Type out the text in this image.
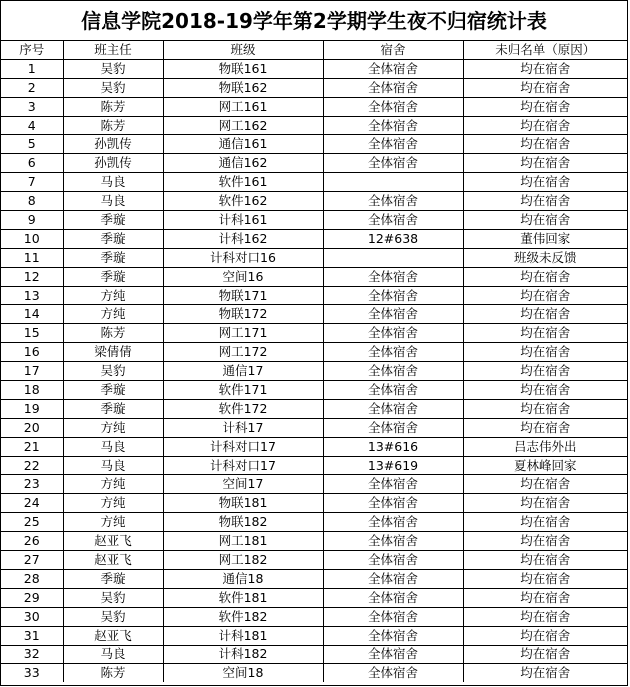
信息学院2018-19学年第2学期学生夜不归宿统计表
序号	班主任	班级	宿舍	未归名单（原因）
1	吴豹	物联161	全体宿舍	均在宿舍
2	吴豹	物联162	全体宿舍	均在宿舍
3	陈芳	网工161	全体宿舍	均在宿舍
4	陈芳	网工162	全体宿舍	均在宿舍
5	孙凯传	通信161	全体宿舍	均在宿舍
6	孙凯传	通信162	全体宿舍	均在宿舍
7	马良	软件161		均在宿舍
8	马良	软件162	全体宿舍	均在宿舍
9	季璇	计科161	全体宿舍	均在宿舍
10	季璇	计科162	12#638	董伟回家
11	季璇	计科对口16		班级未反馈
12	季璇	空间16	全体宿舍	均在宿舍
13	方纯	物联171	全体宿舍	均在宿舍
14	方纯	物联172	全体宿舍	均在宿舍
15	陈芳	网工171	全体宿舍	均在宿舍
16	梁倩倩	网工172	全体宿舍	均在宿舍
17	吴豹	通信17	全体宿舍	均在宿舍
18	季璇	软件171	全体宿舍	均在宿舍
19	季璇	软件172	全体宿舍	均在宿舍
20	方纯	计科17	全体宿舍	均在宿舍
21	马良	计科对口17	13#616	吕志伟外出
22	马良	计科对口17	13#619	夏林峰回家
23	方纯	空间17	全体宿舍	均在宿舍
24	方纯	物联181	全体宿舍	均在宿舍
25	方纯	物联182	全体宿舍	均在宿舍
26	赵亚飞	网工181	全体宿舍	均在宿舍
27	赵亚飞	网工182	全体宿舍	均在宿舍
28	季璇	通信18	全体宿舍	均在宿舍
29	吴豹	软件181	全体宿舍	均在宿舍
30	吴豹	软件182	全体宿舍	均在宿舍
31	赵亚飞	计科181	全体宿舍	均在宿舍
32	马良	计科182	全体宿舍	均在宿舍
33	陈芳	空间18	全体宿舍	均在宿舍
